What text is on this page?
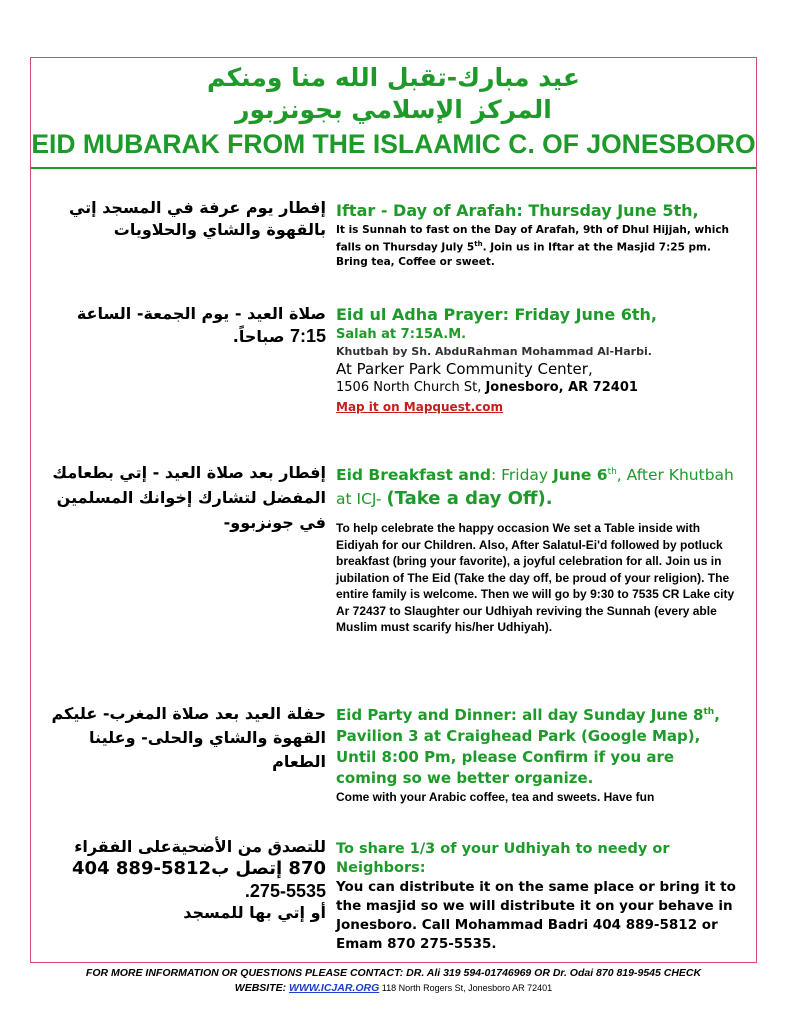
عيد مبارك-تقبل الله منا ومنكم

المركز الإسلامي بجونزبور

EID MUBARAK FROM THE ISLAAMIC C. OF JONESBORO

إفطار يوم عرفة في المسجد إتي بالقهوة والشاي والحلاويات

Iftar - Day of Arafah: Thursday June 5th,

It is Sunnah to fast on the Day of Arafah, 9th of Dhul Hijjah, which falls on Thursday July 5th. Join us in Iftar at the Masjid 7:25 pm. Bring tea, Coffee or sweet.

صلاة العيد - يوم الجمعة- الساعة 7:15 صباحاً.

Eid ul Adha Prayer: Friday June 6th,

Salah at 7:15A.M.

Khutbah by Sh. AbduRahman Mohammad Al-Harbi.

At Parker Park Community Center,

1506 North Church St, Jonesboro, AR 72401

Map it on Mapquest.com

إفطار بعد صلاة العيد - إتي بطعامك المفضل لتشارك إخوانك المسلمين في جونزبوو-

Eid Breakfast and: Friday June 6th, After Khutbah at ICJ- (Take a day Off).

To help celebrate the happy occasion We set a Table inside with Eidiyah for our Children. Also, After Salatul-Ei'd followed by potluck breakfast (bring your favorite), a joyful celebration for all. Join us in jubilation of The Eid (Take the day off, be proud of your religion). The entire family is welcome. Then we will go by 9:30 to 7535 CR Lake city Ar 72437 to Slaughter our Udhiyah reviving the Sunnah (every able Muslim must scarify his/her Udhiyah).

حفلة العيد بعد صلاة المغرب- عليكم القهوة والشاي والحلى- وعلينا الطعام

Eid Party and Dinner: all day Sunday June 8th, Pavilion 3 at Craighead Park (Google Map), Until 8:00 Pm, please Confirm if you are coming so we better organize.

Come with your Arabic coffee, tea and sweets. Have fun

للتصدق من الأضحيةعلى الفقراء
870 إتصل ب5812-889 404
275-5535.
أو إتي بها للمسجد

To share 1/3 of your Udhiyah to needy or Neighbors:

You can distribute it on the same place or bring it to the masjid so we will distribute it on your behave in Jonesboro. Call Mohammad Badri 404 889-5812 or Emam 870 275-5535.

FOR MORE INFORMATION OR QUESTIONS PLEASE CONTACT: DR. Ali 319 594-01746969 OR Dr. Odai 870 819-9545 CHECK
WEBSITE: WWW.ICJAR.ORG 118 North Rogers St, Jonesboro AR 72401
